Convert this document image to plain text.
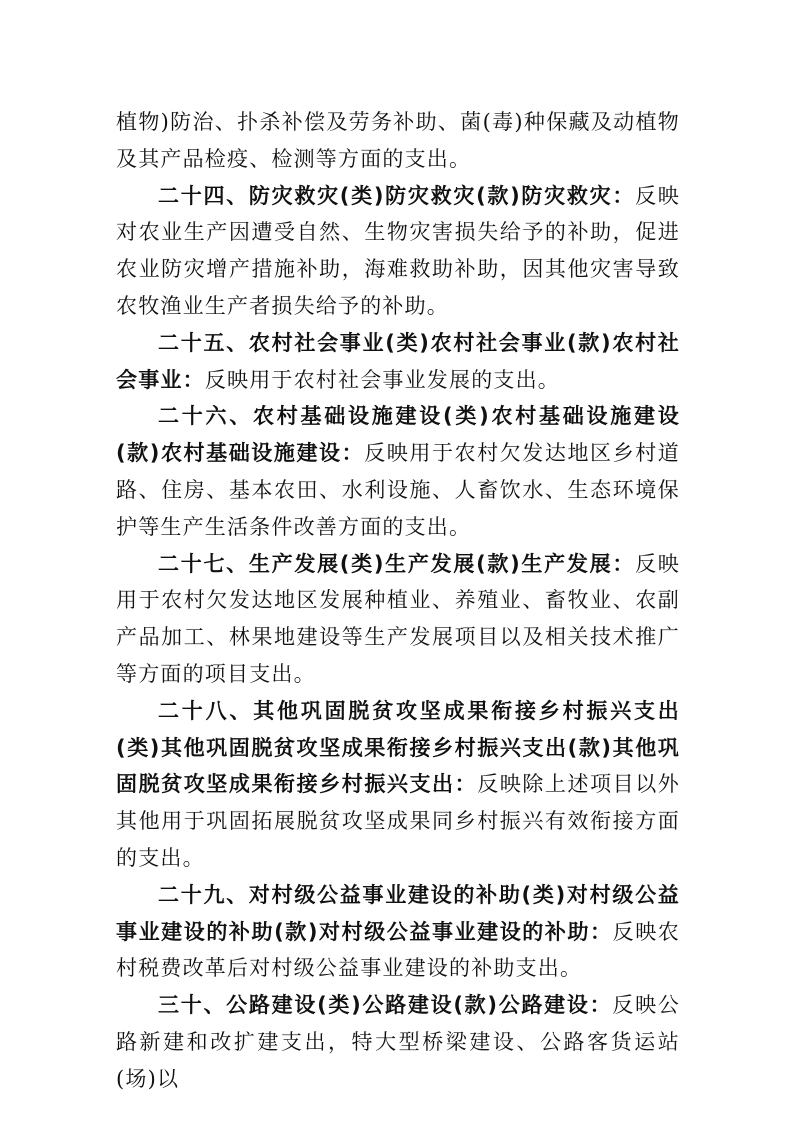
植物)防治、扑杀补偿及劳务补助、菌(毒)种保藏及动植物及其产品检疫、检测等方面的支出。

二十四、防灾救灾(类)防灾救灾(款)防灾救灾：反映对农业生产因遭受自然、生物灾害损失给予的补助，促进农业防灾增产措施补助，海难救助补助，因其他灾害导致农牧渔业生产者损失给予的补助。

二十五、农村社会事业(类)农村社会事业(款)农村社会事业：反映用于农村社会事业发展的支出。

二十六、农村基础设施建设(类)农村基础设施建设(款)农村基础设施建设：反映用于农村欠发达地区乡村道路、住房、基本农田、水利设施、人畜饮水、生态环境保护等生产生活条件改善方面的支出。

二十七、生产发展(类)生产发展(款)生产发展：反映用于农村欠发达地区发展种植业、养殖业、畜牧业、农副产品加工、林果地建设等生产发展项目以及相关技术推广等方面的项目支出。

二十八、其他巩固脱贫攻坚成果衔接乡村振兴支出(类)其他巩固脱贫攻坚成果衔接乡村振兴支出(款)其他巩固脱贫攻坚成果衔接乡村振兴支出：反映除上述项目以外其他用于巩固拓展脱贫攻坚成果同乡村振兴有效衔接方面的支出。

二十九、对村级公益事业建设的补助(类)对村级公益事业建设的补助(款)对村级公益事业建设的补助：反映农村税费改革后对村级公益事业建设的补助支出。

三十、公路建设(类)公路建设(款)公路建设：反映公路新建和改扩建支出，特大型桥梁建设、公路客货运站(场)以
